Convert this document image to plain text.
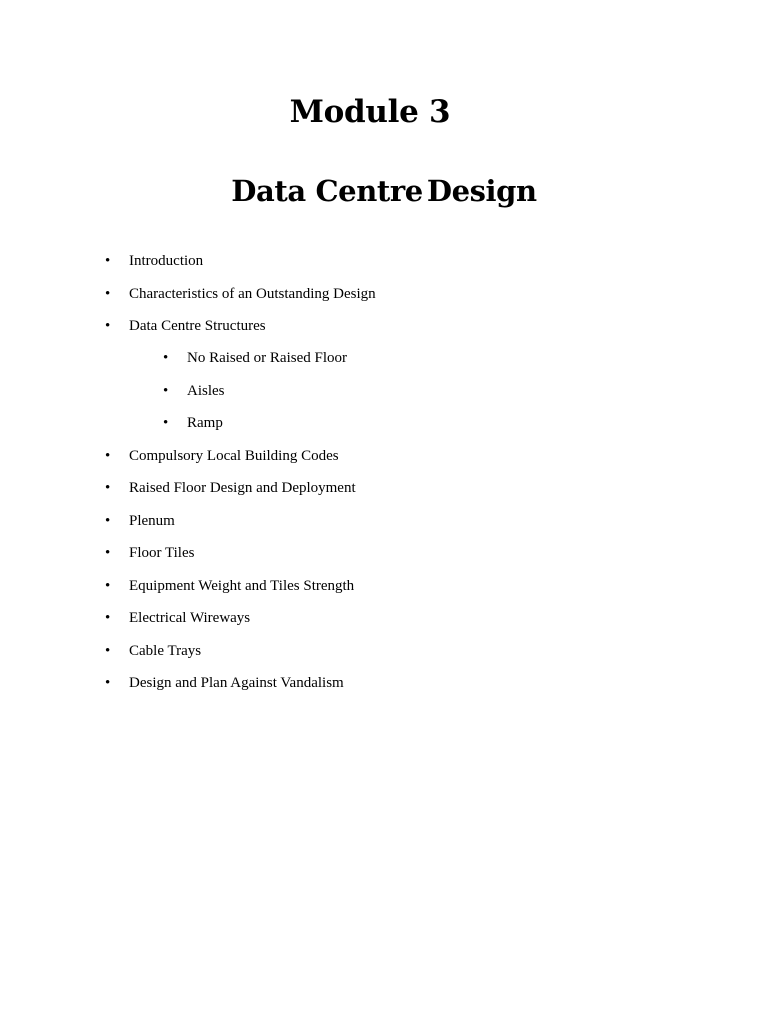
Module 3
Data Centre Design
• Introduction
• Characteristics of an Outstanding Design
• Data Centre Structures
• No Raised or Raised Floor
• Aisles
• Ramp
• Compulsory Local Building Codes
• Raised Floor Design and Deployment
• Plenum
• Floor Tiles
• Equipment Weight and Tiles Strength
• Electrical Wireways
• Cable Trays
• Design and Plan Against Vandalism
